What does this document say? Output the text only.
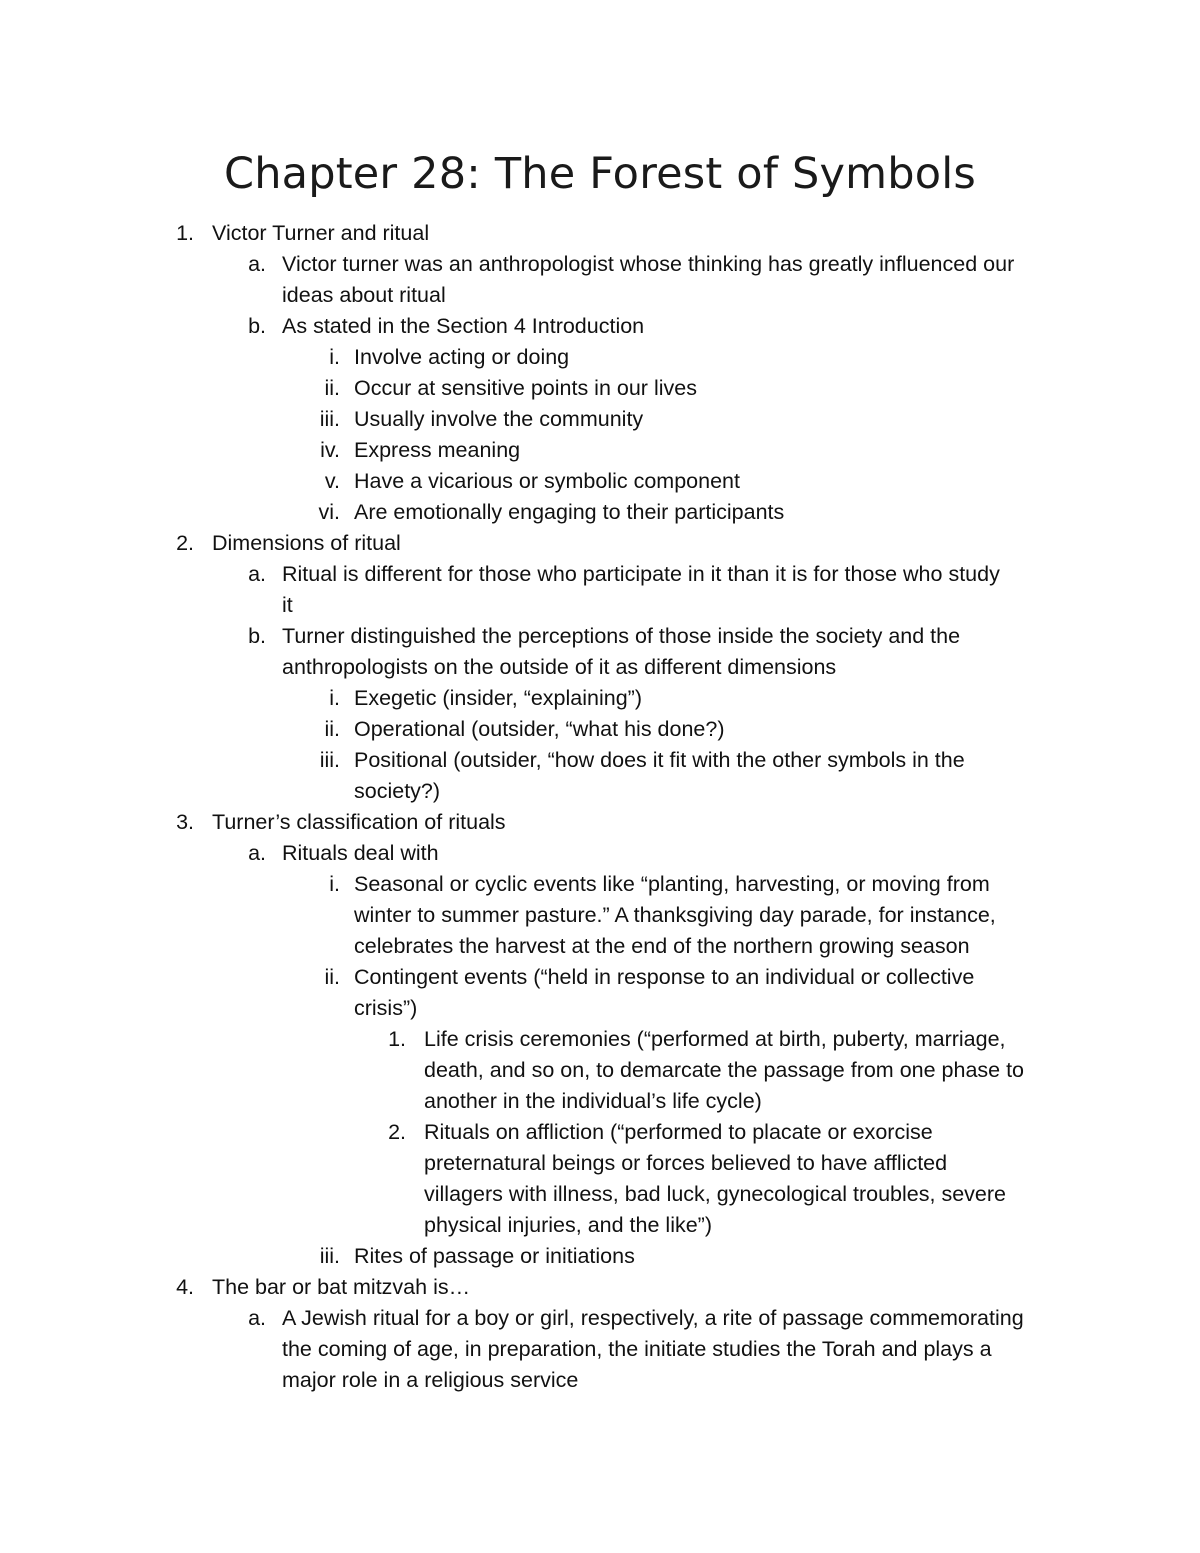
Chapter 28: The Forest of Symbols
1. Victor Turner and ritual
a. Victor turner was an anthropologist whose thinking has greatly influenced our
ideas about ritual
b. As stated in the Section 4 Introduction
i. Involve acting or doing
ii. Occur at sensitive points in our lives
iii. Usually involve the community
iv. Express meaning
v. Have a vicarious or symbolic component
vi. Are emotionally engaging to their participants
2. Dimensions of ritual
a. Ritual is different for those who participate in it than it is for those who study
it
b. Turner distinguished the perceptions of those inside the society and the
anthropologists on the outside of it as different dimensions
i. Exegetic (insider, “explaining”)
ii. Operational (outsider, “what his done?)
iii. Positional (outsider, “how does it fit with the other symbols in the
society?)
3. Turner’s classification of rituals
a. Rituals deal with
i. Seasonal or cyclic events like “planting, harvesting, or moving from
winter to summer pasture.” A thanksgiving day parade, for instance,
celebrates the harvest at the end of the northern growing season
ii. Contingent events (“held in response to an individual or collective
crisis”)
1. Life crisis ceremonies (“performed at birth, puberty, marriage,
death, and so on, to demarcate the passage from one phase to
another in the individual’s life cycle)
2. Rituals on affliction (“performed to placate or exorcise
preternatural beings or forces believed to have afflicted
villagers with illness, bad luck, gynecological troubles, severe
physical injuries, and the like”)
iii. Rites of passage or initiations
4. The bar or bat mitzvah is…
a. A Jewish ritual for a boy or girl, respectively, a rite of passage commemorating
the coming of age, in preparation, the initiate studies the Torah and plays a
major role in a religious service
